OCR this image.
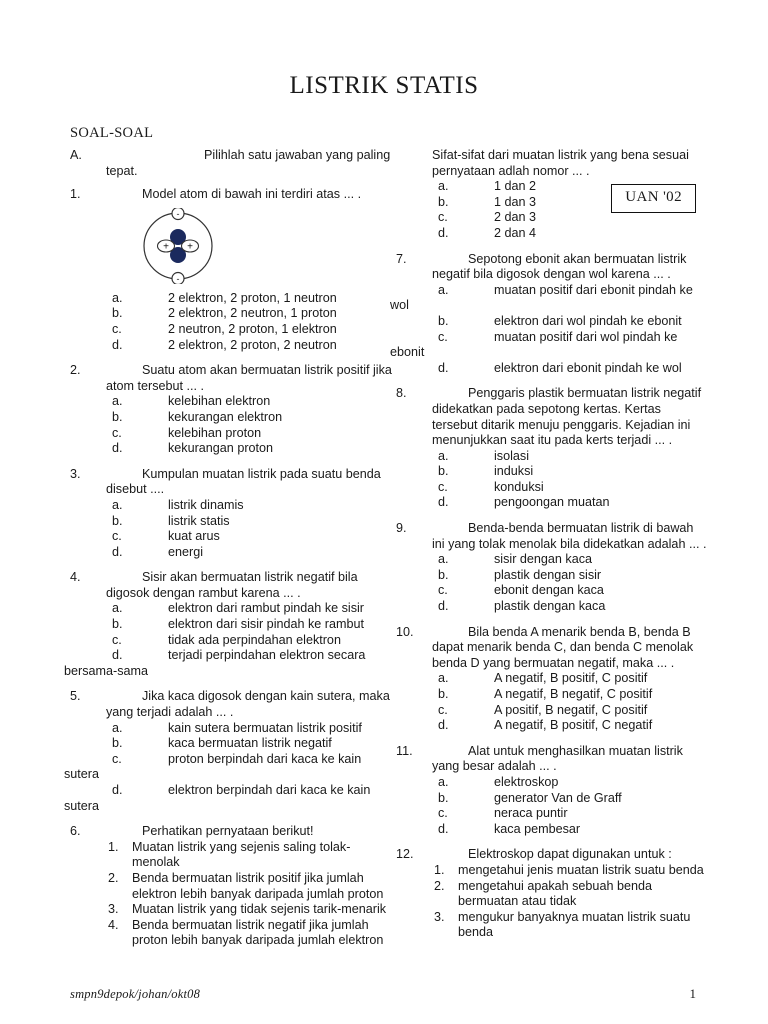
LISTRIK STATIS
SOAL-SOAL
A.	Pilihlah satu jawaban yang paling tepat.
1.	Model atom di bawah ini terdiri atas ... .

-
-
+ +
a.	2 elektron, 2 proton, 1 neutron
b.	2 elektron, 2 neutron, 1 proton
c.	2 neutron, 2 proton, 1 elektron
d.	2 elektron, 2 proton, 2 neutron
2.	Suatu atom akan bermuatan listrik positif jika atom tersebut ... .

a.	kelebihan elektron
b.	kekurangan elektron
c.	kelebihan proton
d.	kekurangan proton
3.	Kumpulan muatan listrik pada suatu benda disebut ....

a.	listrik dinamis
b.	listrik statis
c.	kuat arus
d.	energi
4.	Sisir akan bermuatan listrik negatif bila digosok dengan rambut karena ... .

a.	elektron dari rambut pindah ke sisir
b.	elektron dari sisir pindah ke rambut
c.	tidak ada perpindahan elektron
d.	terjadi perpindahan elektron secara
bersama-sama
5.	Jika kaca digosok dengan kain sutera, maka yang terjadi adalah ... .

a.	kain sutera bermuatan listrik positif
b.	kaca bermuatan listrik negatif
c.	proton berpindah dari kaca ke kain
sutera
d.	elektron berpindah dari kaca ke kain
sutera
6.	Perhatikan pernyataan berikut!

1. Muatan listrik yang sejenis saling tolak-menolak
2. Benda bermuatan listrik positif jika jumlah elektron lebih banyak daripada jumlah proton
3. Muatan listrik yang tidak sejenis tarik-menarik
4. Benda bermuatan listrik negatif jika jumlah proton lebih banyak daripada jumlah elektron
UAN '02

Sifat-sifat dari muatan listrik yang bena sesuai pernyataan adlah nomor ... .

a.	1 dan 2
b.	1 dan 3
c.	2 dan 3
d.	2 dan 4
7.	Sepotong ebonit akan bermuatan listrik negatif bila digosok dengan wol karena ... .

a.	muatan positif dari ebonit pindah ke
wol
b.	elektron dari wol pindah ke ebonit
c.	muatan positif dari wol pindah ke
ebonit
d.	elektron dari ebonit pindah ke wol
8.	Penggaris plastik bermuatan listrik negatif didekatkan pada sepotong kertas. Kertas tersebut ditarik menuju penggaris. Kejadian ini menunjukkan saat itu pada kerts terjadi ... .

a.	isolasi
b.	induksi
c.	konduksi
d.	pengoongan muatan
9.	Benda-benda bermuatan listrik di bawah ini yang tolak menolak bila didekatkan adalah ... .

a.	sisir dengan kaca
b.	plastik dengan sisir
c.	ebonit dengan kaca
d.	plastik dengan kaca
10.	Bila benda A menarik benda B, benda B dapat menarik benda C, dan benda C menolak benda D yang bermuatan negatif, maka ... .

a.	A negatif, B positif, C positif
b.	A negatif, B negatif, C positif
c.	A positif, B negatif, C positif
d.	A negatif, B positif, C negatif
11.	Alat untuk menghasilkan muatan listrik yang besar adalah ... .

a.	elektroskop
b.	generator Van de Graff
c.	neraca puntir
d.	kaca pembesar
12.	Elektroskop dapat digunakan untuk :

1. mengetahui jenis muatan listrik suatu benda
2. mengetahui apakah sebuah benda bermuatan atau tidak
3. mengukur banyaknya muatan listrik suatu benda
smpn9depok/johan/okt08	1
